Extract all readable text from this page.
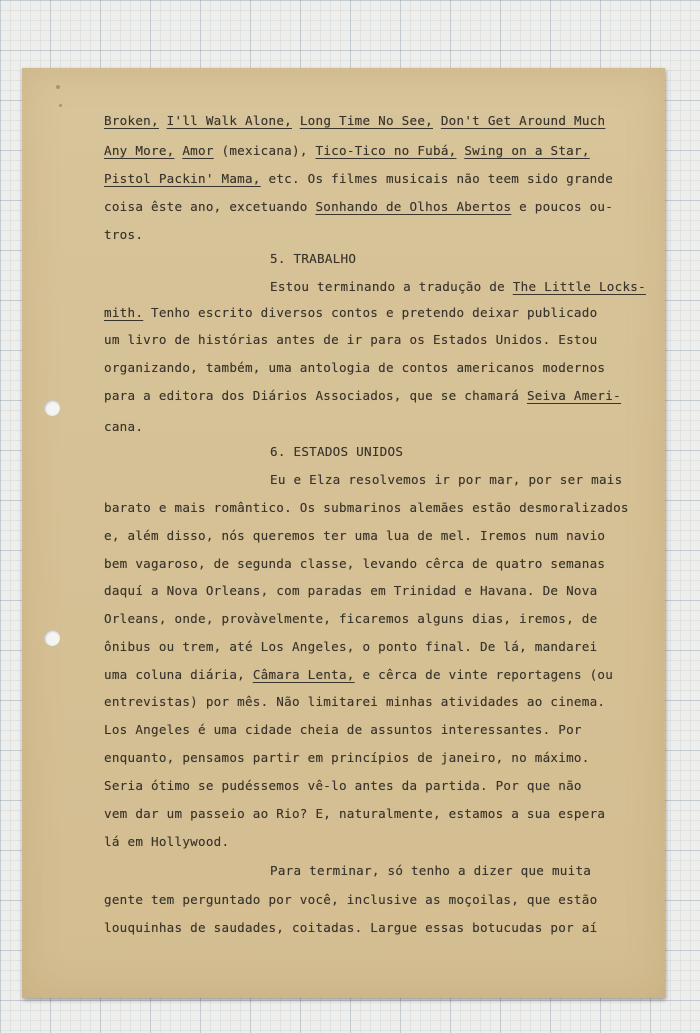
Broken, I'll Walk Alone, Long Time No See, Don't Get Around Much
Any More, Amor (mexicana), Tico-Tico no Fubá, Swing on a Star,
Pistol Packin' Mama, etc. Os filmes musicais não teem sido grande
coisa êste ano, excetuando Sonhando de Olhos Abertos e poucos ou-
tros.
5. TRABALHO
Estou terminando a tradução de The Little Locks-
mith. Tenho escrito diversos contos e pretendo deixar publicado
um livro de histórias antes de ir para os Estados Unidos. Estou
organizando, também, uma antologia de contos americanos modernos
para a editora dos Diários Associados, que se chamará Seiva Ameri-
cana.
6. ESTADOS UNIDOS
Eu e Elza resolvemos ir por mar, por ser mais
barato e mais romântico. Os submarinos alemães estão desmoralizados
e, além disso, nós queremos ter uma lua de mel. Iremos num navio
bem vagaroso, de segunda classe, levando cêrca de quatro semanas
daquí a Nova Orleans, com paradas em Trinidad e Havana. De Nova
Orleans, onde, provàvelmente, ficaremos alguns dias, iremos, de
ônibus ou trem, até Los Angeles, o ponto final. De lá, mandarei
uma coluna diária, Câmara Lenta, e cêrca de vinte reportagens (ou
entrevistas) por mês. Não limitarei minhas atividades ao cinema.
Los Angeles é uma cidade cheia de assuntos interessantes. Por
enquanto, pensamos partir em princípios de janeiro, no máximo.
Seria ótimo se pudéssemos vê-lo antes da partida. Por que não
vem dar um passeio ao Rio? E, naturalmente, estamos a sua espera
lá em Hollywood.
Para terminar, só tenho a dizer que muita
gente tem perguntado por você, inclusive as moçoilas, que estão
louquinhas de saudades, coitadas. Largue essas botucudas por aí
